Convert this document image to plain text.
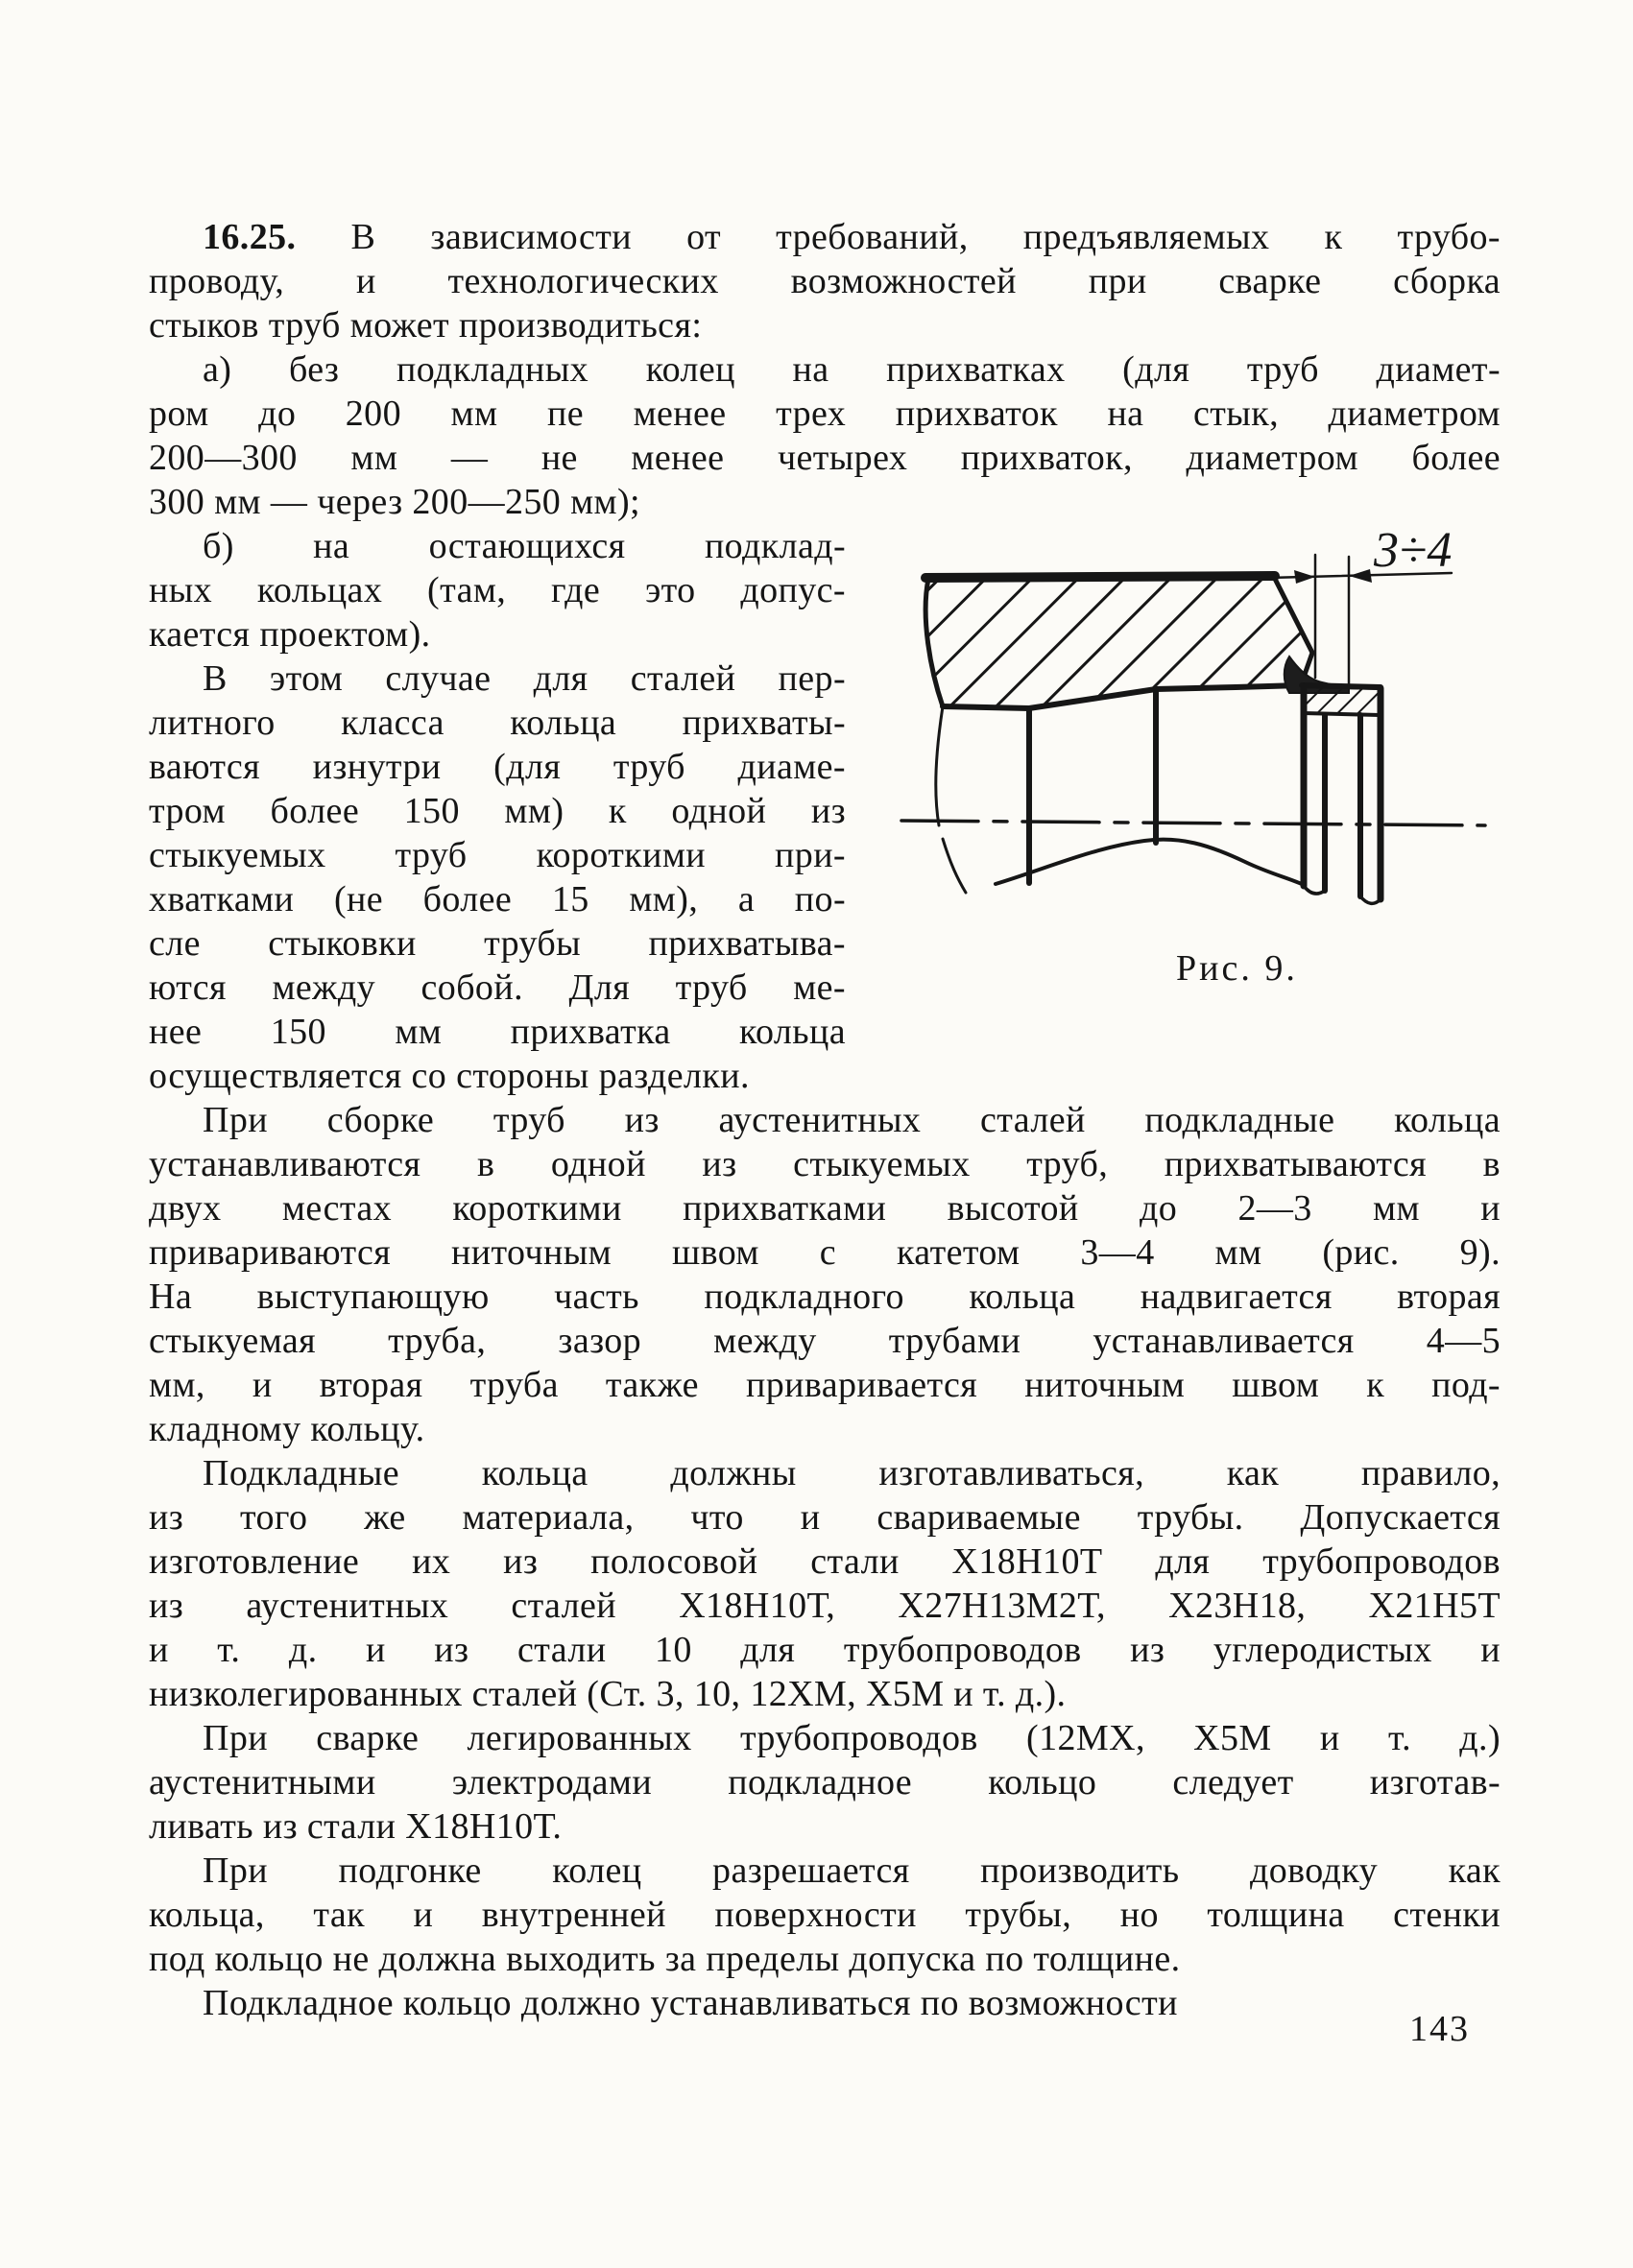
16.25. В зависимости от требований, предъявляемых к трубо-
проводу, и технологических возможностей при сварке сборка
стыков труб может производиться:
а) без подкладных колец на прихватках (для труб диамет-
ром до 200 мм пе менее трех прихваток на стык, диаметром
200—300 мм — не менее четырех прихваток, диаметром более
300 мм — через 200—250 мм);
б) на остающихся подклад-
ных кольцах (там, где это допус-
кается проектом).
В этом случае для сталей пер-
литного класса кольца прихваты-
ваются изнутри (для труб диаме-
тром более 150 мм) к одной из
стыкуемых труб короткими при-
хватками (не более 15 мм), а по-
сле стыковки трубы прихватыва-
ются между собой. Для труб ме-
нее 150 мм прихватка кольца
осуществляется со стороны разделки.
При сборке труб из аустенитных сталей подкладные кольца
устанавливаются в одной из стыкуемых труб, прихватываются в
двух местах короткими прихватками высотой до 2—3 мм и
привариваются ниточным швом с катетом 3—4 мм (рис. 9).
На выступающую часть подкладного кольца надвигается вторая
стыкуемая труба, зазор между трубами устанавливается 4—5
мм, и вторая труба также приваривается ниточным швом к под-
кладному кольцу.
Подкладные кольца должны изготавливаться, как правило,
из того же материала, что и свариваемые трубы. Допускается
изготовление их из полосовой стали Х18Н10Т для трубопроводов
из аустенитных сталей Х18Н10Т, Х27Н13М2Т, Х23Н18, Х21Н5Т
и т. д. и из стали 10 для трубопроводов из углеродистых и
низколегированных сталей (Ст. 3, 10, 12ХМ, Х5М и т. д.).
При сварке легированных трубопроводов (12МХ, Х5М и т. д.)
аустенитными электродами подкладное кольцо следует изготав-
ливать из стали Х18Н10Т.
При подгонке колец разрешается производить доводку как
кольца, так и внутренней поверхности трубы, но толщина стенки
под кольцо не должна выходить за пределы допуска по толщине.
Подкладное кольцо должно устанавливаться по возможности
3÷4
Рис. 9.
143
